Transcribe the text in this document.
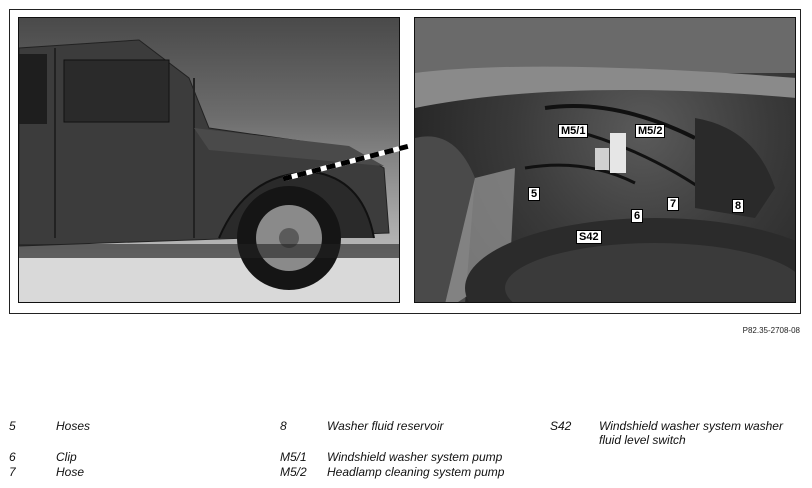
M5/1	M5/2
5
6
7	8
S42
P82.35-2708-08
5	Hoses
6	Clip
7	Hose
8	Washer fluid reservoir
M5/1 Windshield washer system pump
M5/2 Headlamp cleaning system pump
S42 Windshield washer system washer fluid level switch
